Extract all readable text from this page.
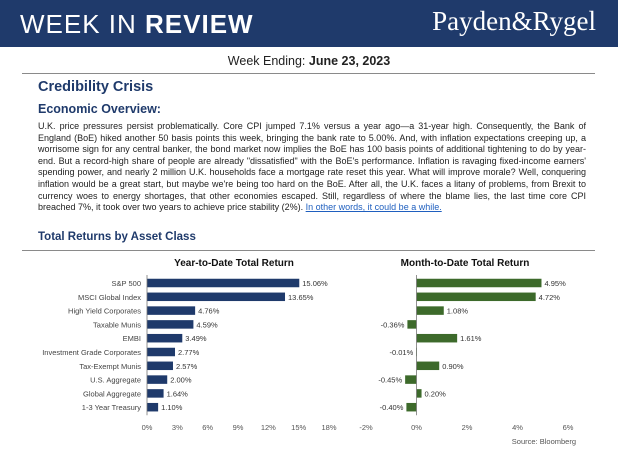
WEEK IN REVIEW	Payden&Rygel
Week Ending: June 23, 2023
Credibility Crisis
Economic Overview:
U.K. price pressures persist problematically. Core CPI jumped 7.1% versus a year ago—a 31-year high. Consequently, the Bank of England (BoE) hiked another 50 basis points this week, bringing the bank rate to 5.00%. And, with inflation expectations creeping up, a worrisome sign for any central banker, the bond market now implies the BoE has 100 basis points of additional tightening to do by year-end. But a record-high share of people are already "dissatisfied" with the BoE's performance. Inflation is ravaging fixed-income earners' spending power, and nearly 2 million U.K. households face a mortgage rate reset this year. What will improve morale? Well, conquering inflation would be a great start, but maybe we're being too hard on the BoE. After all, the U.K. faces a litany of problems, from Brexit to currency woes to energy shortages, that other economies escaped. Still, regardless of where the blame lies, the last time core CPI breached 7%, it took over two years to achieve price stability (2%). In other words, it could be a while.
Total Returns by Asset Class
Year-to-Date Total Return
S&P 500	15.06%
MSCI Global Index	13.65%
High Yield Corporates	4.76%
Taxable Munis	4.59%
EMBI	3.49%
Investment Grade Corporates	2.77%
Tax-Exempt Munis	2.57%
U.S. Aggregate	2.00%
Global Aggregate	1.64%
1-3 Year Treasury	1.10%
0%	3%	6%	9% 12% 15% 18%
Month-to-Date Total Return
4.95%
4.72%
1.08%
-0.36%
1.61%
-0.01%
0.90%
-0.45%
0.20%
-0.40%
-2%	0%	2%	4%	6%
Source: Bloomberg
